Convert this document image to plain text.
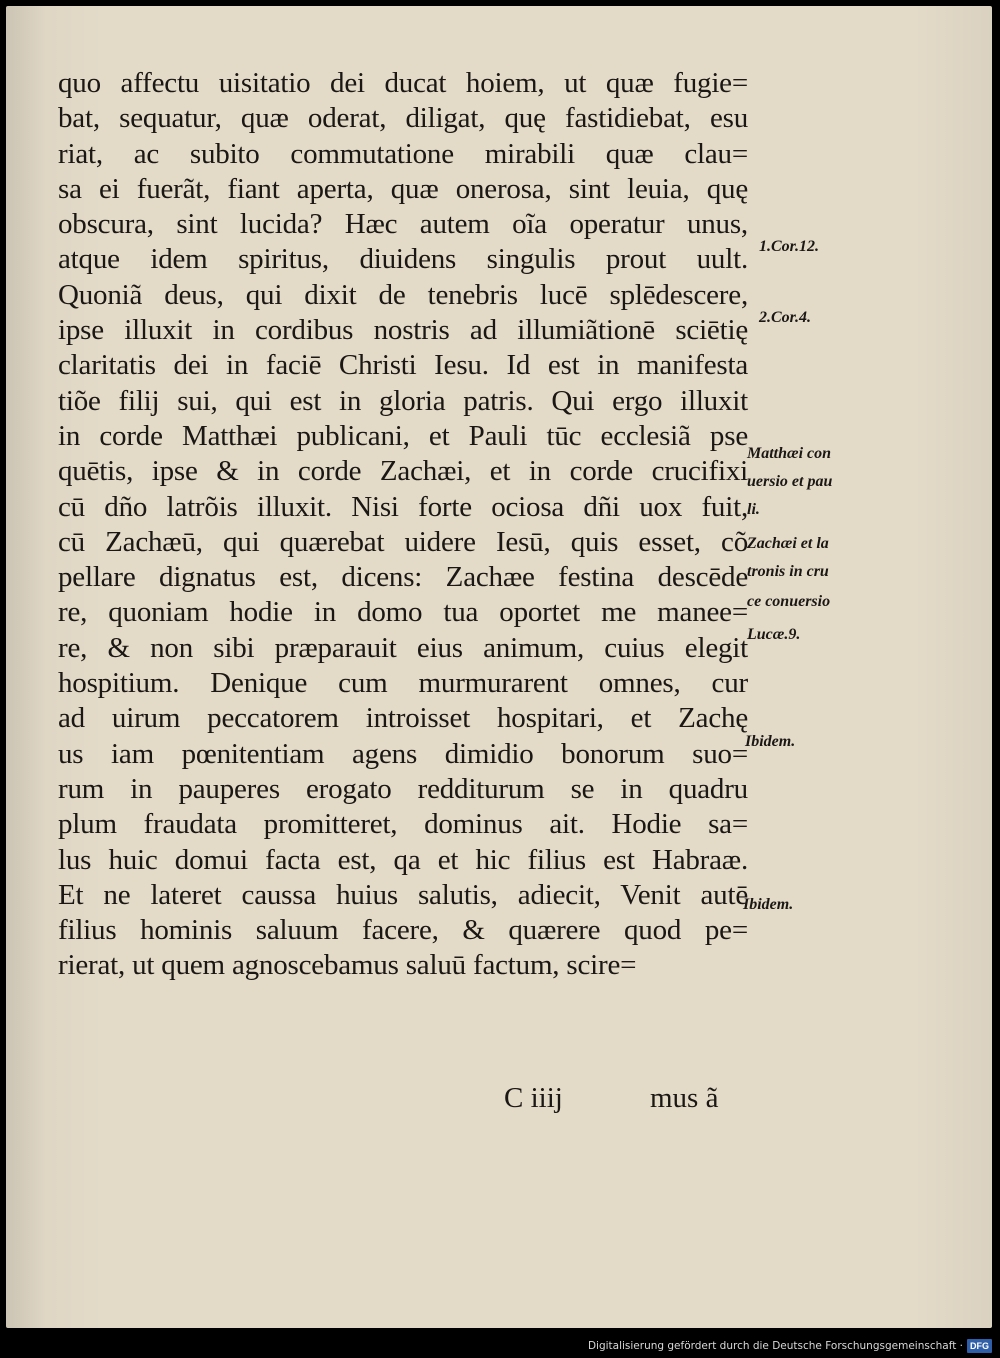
quo affectu uisitatio dei ducat hoiem, ut quæ fugie=
bat, sequatur, quæ oderat, diligat, quę fastidiebat, esu
riat, ac subito commutatione mirabili quæ clau=
sa ei fuerãt, fiant aperta, quæ onerosa, sint leuia, quę
obscura, sint lucida? Hæc autem oĩa operatur unus,
atque idem spiritus, diuidens singulis prout uult.
Quoniã deus, qui dixit de tenebris lucē splēdescere,
ipse illuxit in cordibus nostris ad illumiãtionē sciētię
claritatis dei in faciē Christi Iesu. Id est in manifesta
tiõe filij sui, qui est in gloria patris. Qui ergo illuxit
in corde Matthæi publicani, et Pauli tūc ecclesiã pse
quētis, ipse & in corde Zachæi, et in corde crucifixi
cū dño latrõis illuxit. Nisi forte ociosa dñi uox fuit,
cū Zachæū, qui quærebat uidere Iesū, quis esset, cõ
pellare dignatus est, dicens: Zachæe festina descēde
re, quoniam hodie in domo tua oportet me manee=
re, & non sibi præparauit eius animum, cuius elegit
hospitium. Denique cum murmurarent omnes, cur
ad uirum peccatorem introisset hospitari, et Zachę
us iam pœnitentiam agens dimidio bonorum suo=
rum in pauperes erogato redditurum se in quadru
plum fraudata promitteret, dominus ait. Hodie sa=
lus huic domui facta est, qa et hic filius est Habraæ.
Et ne lateret caussa huius salutis, adiecit, Venit autē
filius hominis saluum facere, & quærere quod pe=
rierat, ut quem agnoscebamus saluū factum, scire=
1.Cor.12.
2.Cor.4.
Matthæi con
uersio et pau
li.
Zachæi et la
tronis in cru
ce conuersio
Lucæ.9.
Ibidem.
Ibidem.
C iiij	mus ã
Digitalisierung gefördert durch die Deutsche Forschungsgemeinschaft · DFG
